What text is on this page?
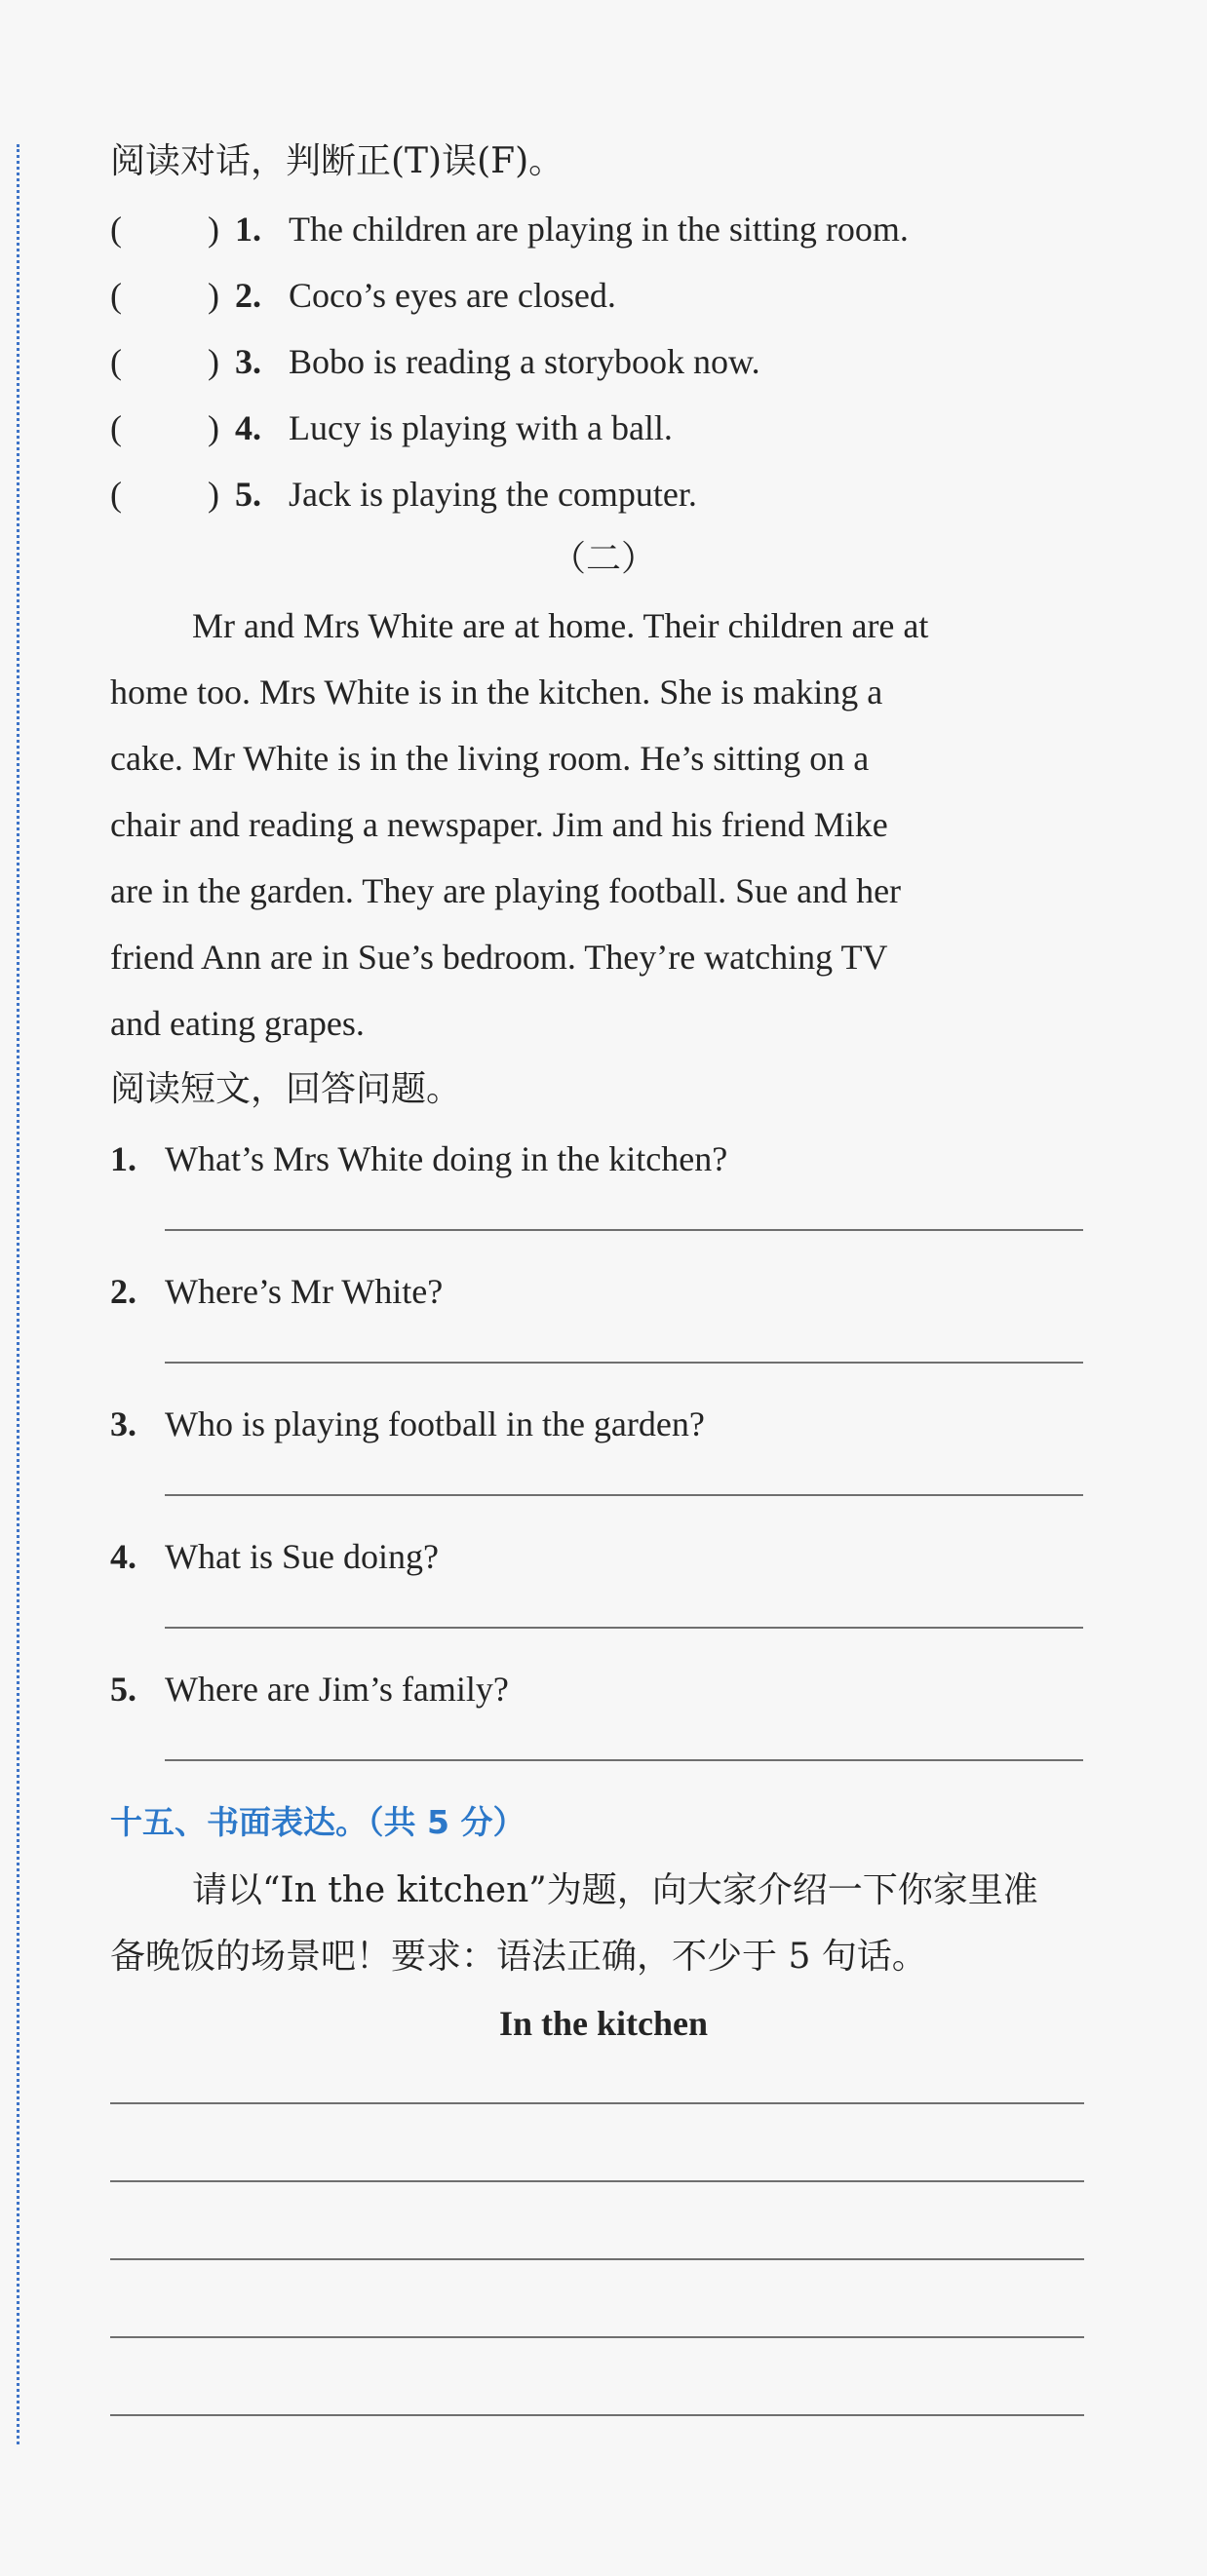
阅读对话，判断正(T)误(F)。
( ) 1. The children are playing in the sitting room.
( ) 2. Coco’s eyes are closed.
( ) 3. Bobo is reading a storybook now.
( ) 4. Lucy is playing with a ball.
( ) 5. Jack is playing the computer.
（二）
Mr and Mrs White are at home. Their children are at
home too. Mrs White is in the kitchen. She is making a
cake. Mr White is in the living room. He’s sitting on a
chair and reading a newspaper. Jim and his friend Mike
are in the garden. They are playing football. Sue and her
friend Ann are in Sue’s bedroom. They’re watching TV
and eating grapes.
阅读短文，回答问题。
1. What’s Mrs White doing in the kitchen?
2. Where’s Mr White?
3. Who is playing football in the garden?
4. What is Sue doing?
5. Where are Jim’s family?
十五、书面表达。（共 5 分）
请以“In the kitchen”为题，向大家介绍一下你家里准
备晚饭的场景吧！要求：语法正确，不少于 5 句话。
In the kitchen
